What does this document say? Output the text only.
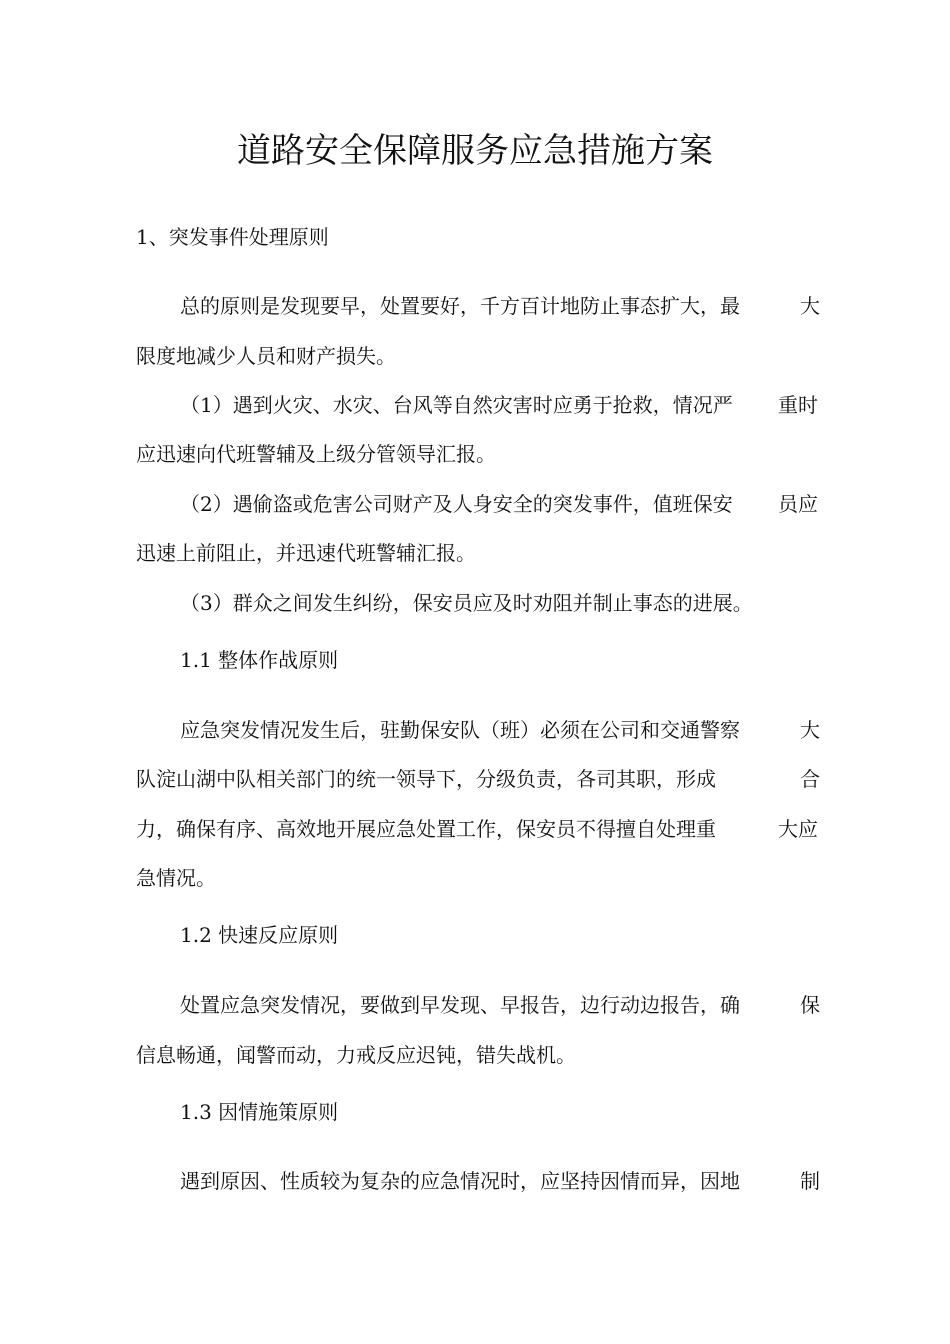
道路安全保障服务应急措施方案
1、突发事件处理原则
总的原则是发现要早，处置要好，千方百计地防止事态扩大，最	大
限度地减少人员和财产损失。
（1）遇到火灾、水灾、台风等自然灾害时应勇于抢救，情况严 重时
应迅速向代班警辅及上级分管领导汇报。
（2）遇偷盗或危害公司财产及人身安全的突发事件，值班保安 员应
迅速上前阻止，并迅速代班警辅汇报。
（3）群众之间发生纠纷，保安员应及时劝阻并制止事态的进展。
1.1 整体作战原则
应急突发情况发生后，驻勤保安队（班）必须在公司和交通警察	大
队淀山湖中队相关部门的统一领导下，分级负责，各司其职，形成	合
力，确保有序、高效地开展应急处置工作，保安员不得擅自处理重	大应
急情况。
1.2 快速反应原则
处置应急突发情况，要做到早发现、早报告，边行动边报告，确	保
信息畅通，闻警而动，力戒反应迟钝，错失战机。
1.3 因情施策原则
遇到原因、性质较为复杂的应急情况时，应坚持因情而异，因地	制
